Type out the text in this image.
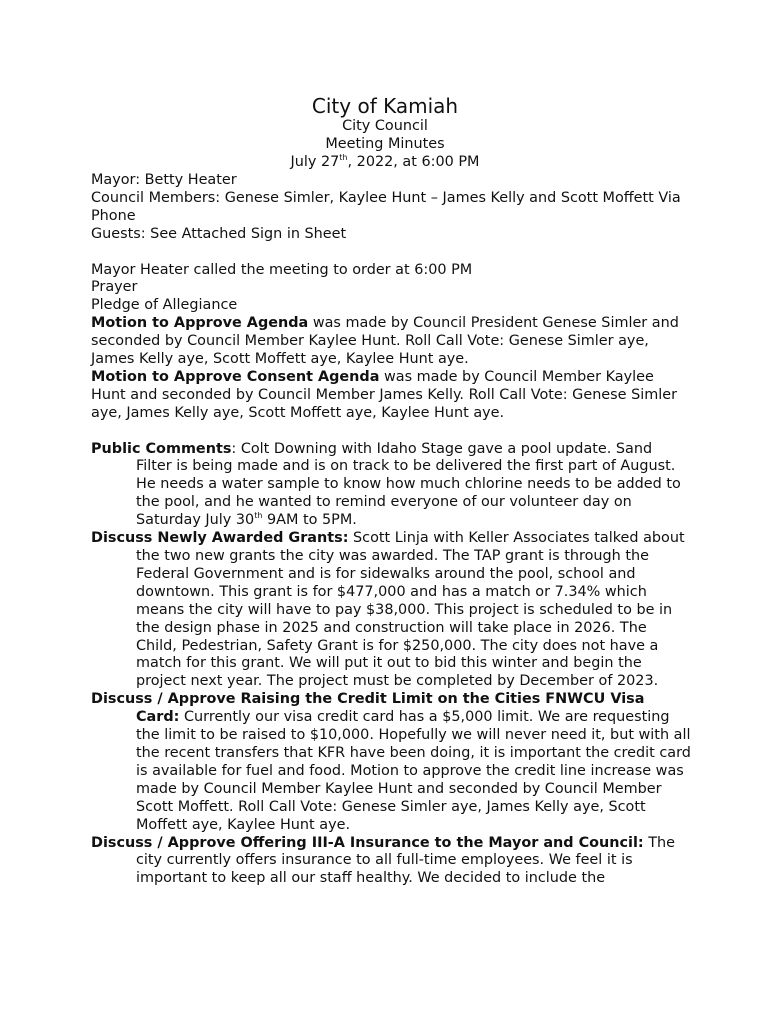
City of Kamiah
City Council
Meeting Minutes
July 27th, 2022, at 6:00 PM

Mayor: Betty Heater

Council Members: Genese Simler, Kaylee Hunt – James Kelly and Scott Moffett Via Phone

Guests: See Attached Sign in Sheet

Mayor Heater called the meeting to order at 6:00 PM

Prayer

Pledge of Allegiance

Motion to Approve Agenda was made by Council President Genese Simler and seconded by Council Member Kaylee Hunt. Roll Call Vote: Genese Simler aye, James Kelly aye, Scott Moffett aye, Kaylee Hunt aye.

Motion to Approve Consent Agenda was made by Council Member Kaylee Hunt and seconded by Council Member James Kelly. Roll Call Vote: Genese Simler aye, James Kelly aye, Scott Moffett aye, Kaylee Hunt aye.

Public Comments: Colt Downing with Idaho Stage gave a pool update. Sand Filter is being made and is on track to be delivered the first part of August. He needs a water sample to know how much chlorine needs to be added to the pool, and he wanted to remind everyone of our volunteer day on Saturday July 30th 9AM to 5PM.

Discuss Newly Awarded Grants: Scott Linja with Keller Associates talked about the two new grants the city was awarded. The TAP grant is through the Federal Government and is for sidewalks around the pool, school and downtown. This grant is for $477,000 and has a match or 7.34% which means the city will have to pay $38,000. This project is scheduled to be in the design phase in 2025 and construction will take place in 2026. The Child, Pedestrian, Safety Grant is for $250,000. The city does not have a match for this grant. We will put it out to bid this winter and begin the project next year. The project must be completed by December of 2023.

Discuss / Approve Raising the Credit Limit on the Cities FNWCU Visa Card: Currently our visa credit card has a $5,000 limit. We are requesting the limit to be raised to $10,000. Hopefully we will never need it, but with all the recent transfers that KFR have been doing, it is important the credit card is available for fuel and food. Motion to approve the credit line increase was made by Council Member Kaylee Hunt and seconded by Council Member Scott Moffett. Roll Call Vote: Genese Simler aye, James Kelly aye, Scott Moffett aye, Kaylee Hunt aye.

Discuss / Approve Offering III-A Insurance to the Mayor and Council: The city currently offers insurance to all full-time employees. We feel it is important to keep all our staff healthy. We decided to include the
